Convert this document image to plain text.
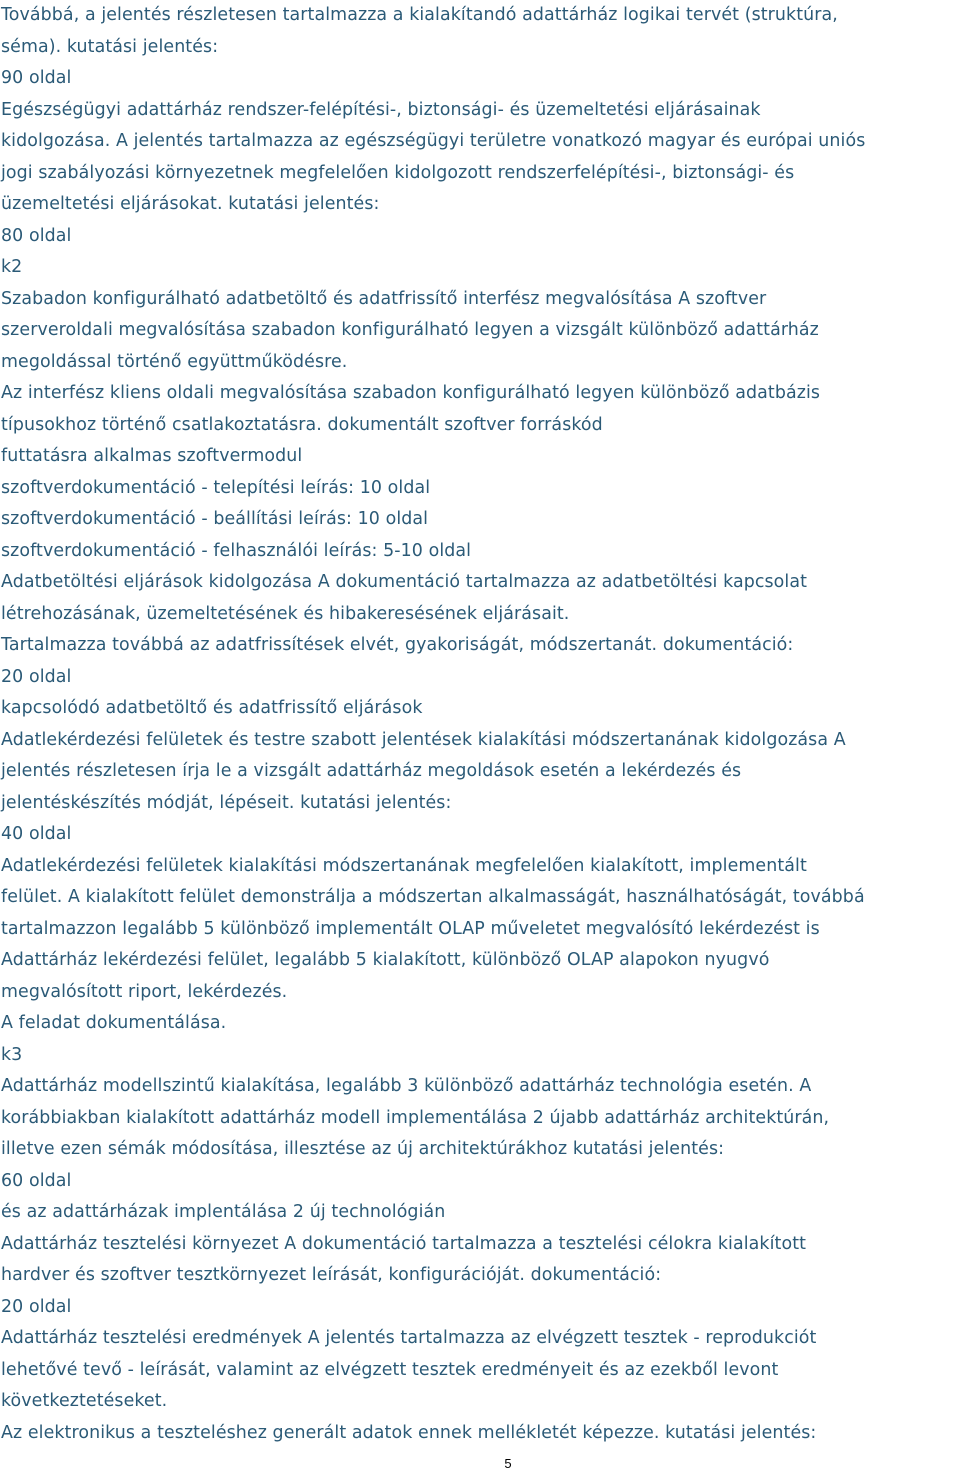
Továbbá, a jelentés részletesen tartalmazza a kialakítandó adattárház logikai tervét (struktúra,
séma). kutatási jelentés:
90 oldal
Egészségügyi adattárház rendszer-felépítési-, biztonsági- és üzemeltetési eljárásainak
kidolgozása. A jelentés tartalmazza az egészségügyi területre vonatkozó magyar és európai uniós
jogi szabályozási környezetnek megfelelően kidolgozott rendszerfelépítési-, biztonsági- és
üzemeltetési eljárásokat. kutatási jelentés:
80 oldal
k2
Szabadon konfigurálható adatbetöltő és adatfrissítő interfész megvalósítása A szoftver
szerveroldali megvalósítása szabadon konfigurálható legyen a vizsgált különböző adattárház
megoldással történő együttműködésre.
Az interfész kliens oldali megvalósítása szabadon konfigurálható legyen különböző adatbázis
típusokhoz történő csatlakoztatásra. dokumentált szoftver forráskód
futtatásra alkalmas szoftvermodul
szoftverdokumentáció - telepítési leírás: 10 oldal
szoftverdokumentáció - beállítási leírás: 10 oldal
szoftverdokumentáció - felhasználói leírás: 5-10 oldal
Adatbetöltési eljárások kidolgozása A dokumentáció tartalmazza az adatbetöltési kapcsolat
létrehozásának, üzemeltetésének és hibakeresésének eljárásait.
Tartalmazza továbbá az adatfrissítések elvét, gyakoriságát, módszertanát. dokumentáció:
20 oldal
kapcsolódó adatbetöltő és adatfrissítő eljárások
Adatlekérdezési felületek és testre szabott jelentések kialakítási módszertanának kidolgozása A
jelentés részletesen írja le a vizsgált adattárház megoldások esetén a lekérdezés és
jelentéskészítés módját, lépéseit. kutatási jelentés:
40 oldal
Adatlekérdezési felületek kialakítási módszertanának megfelelően kialakított, implementált
felület. A kialakított felület demonstrálja a módszertan alkalmasságát, használhatóságát, továbbá
tartalmazzon legalább 5 különböző implementált OLAP műveletet megvalósító lekérdezést is
Adattárház lekérdezési felület, legalább 5 kialakított, különböző OLAP alapokon nyugvó
megvalósított riport, lekérdezés.
A feladat dokumentálása.
k3
Adattárház modellszintű kialakítása, legalább 3 különböző adattárház technológia esetén. A
korábbiakban kialakított adattárház modell implementálása 2 újabb adattárház architektúrán,
illetve ezen sémák módosítása, illesztése az új architektúrákhoz kutatási jelentés:
60 oldal
és az adattárházak implentálása 2 új technológián
Adattárház tesztelési környezet A dokumentáció tartalmazza a tesztelési célokra kialakított
hardver és szoftver tesztkörnyezet leírását, konfigurációját. dokumentáció:
20 oldal
Adattárház tesztelési eredmények A jelentés tartalmazza az elvégzett tesztek - reprodukciót
lehetővé tevő - leírását, valamint az elvégzett tesztek eredményeit és az ezekből levont
következtetéseket.
Az elektronikus a teszteléshez generált adatok ennek mellékletét képezze. kutatási jelentés:
5
